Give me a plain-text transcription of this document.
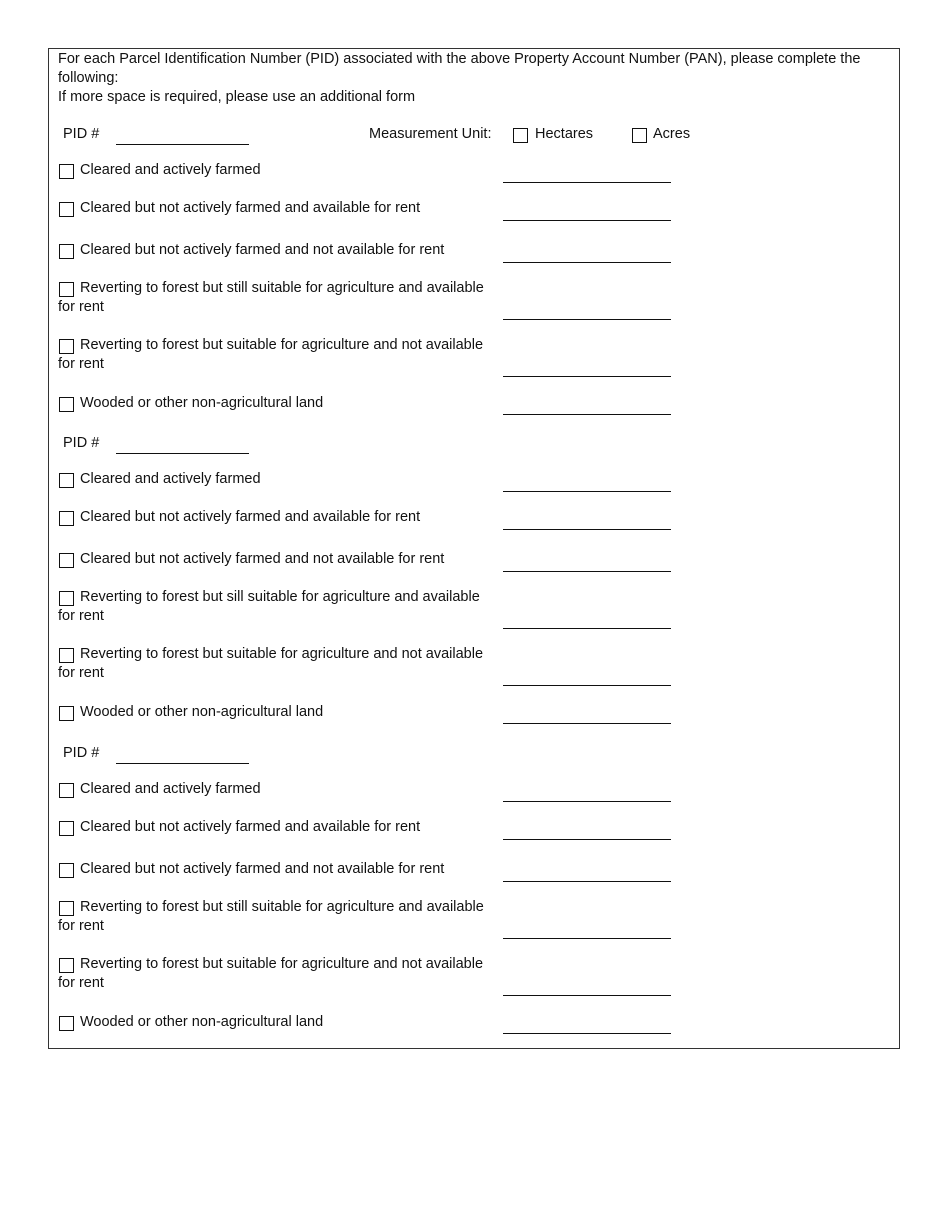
For each Parcel Identification Number (PID) associated with the above Property Account Number (PAN), please complete the following:
If more space is required, please use an additional form
Measurement Unit:	Hectares	Acres
PID #
Cleared and actively farmed
Cleared but not actively farmed and available for rent
Cleared but not actively farmed and not available for rent
Reverting to forest but still suitable for agriculture and available for rent
Reverting to forest but suitable for agriculture and not available for rent
Wooded or other non-agricultural land
PID #
Cleared and actively farmed
Cleared but not actively farmed and available for rent
Cleared but not actively farmed and not available for rent
Reverting to forest but sill suitable for agriculture and available for rent
Reverting to forest but suitable for agriculture and not available for rent
Wooded or other non-agricultural land
PID #
Cleared and actively farmed
Cleared but not actively farmed and available for rent
Cleared but not actively farmed and not available for rent
Reverting to forest but still suitable for agriculture and available for rent
Reverting to forest but suitable for agriculture and not available for rent
Wooded or other non-agricultural land
